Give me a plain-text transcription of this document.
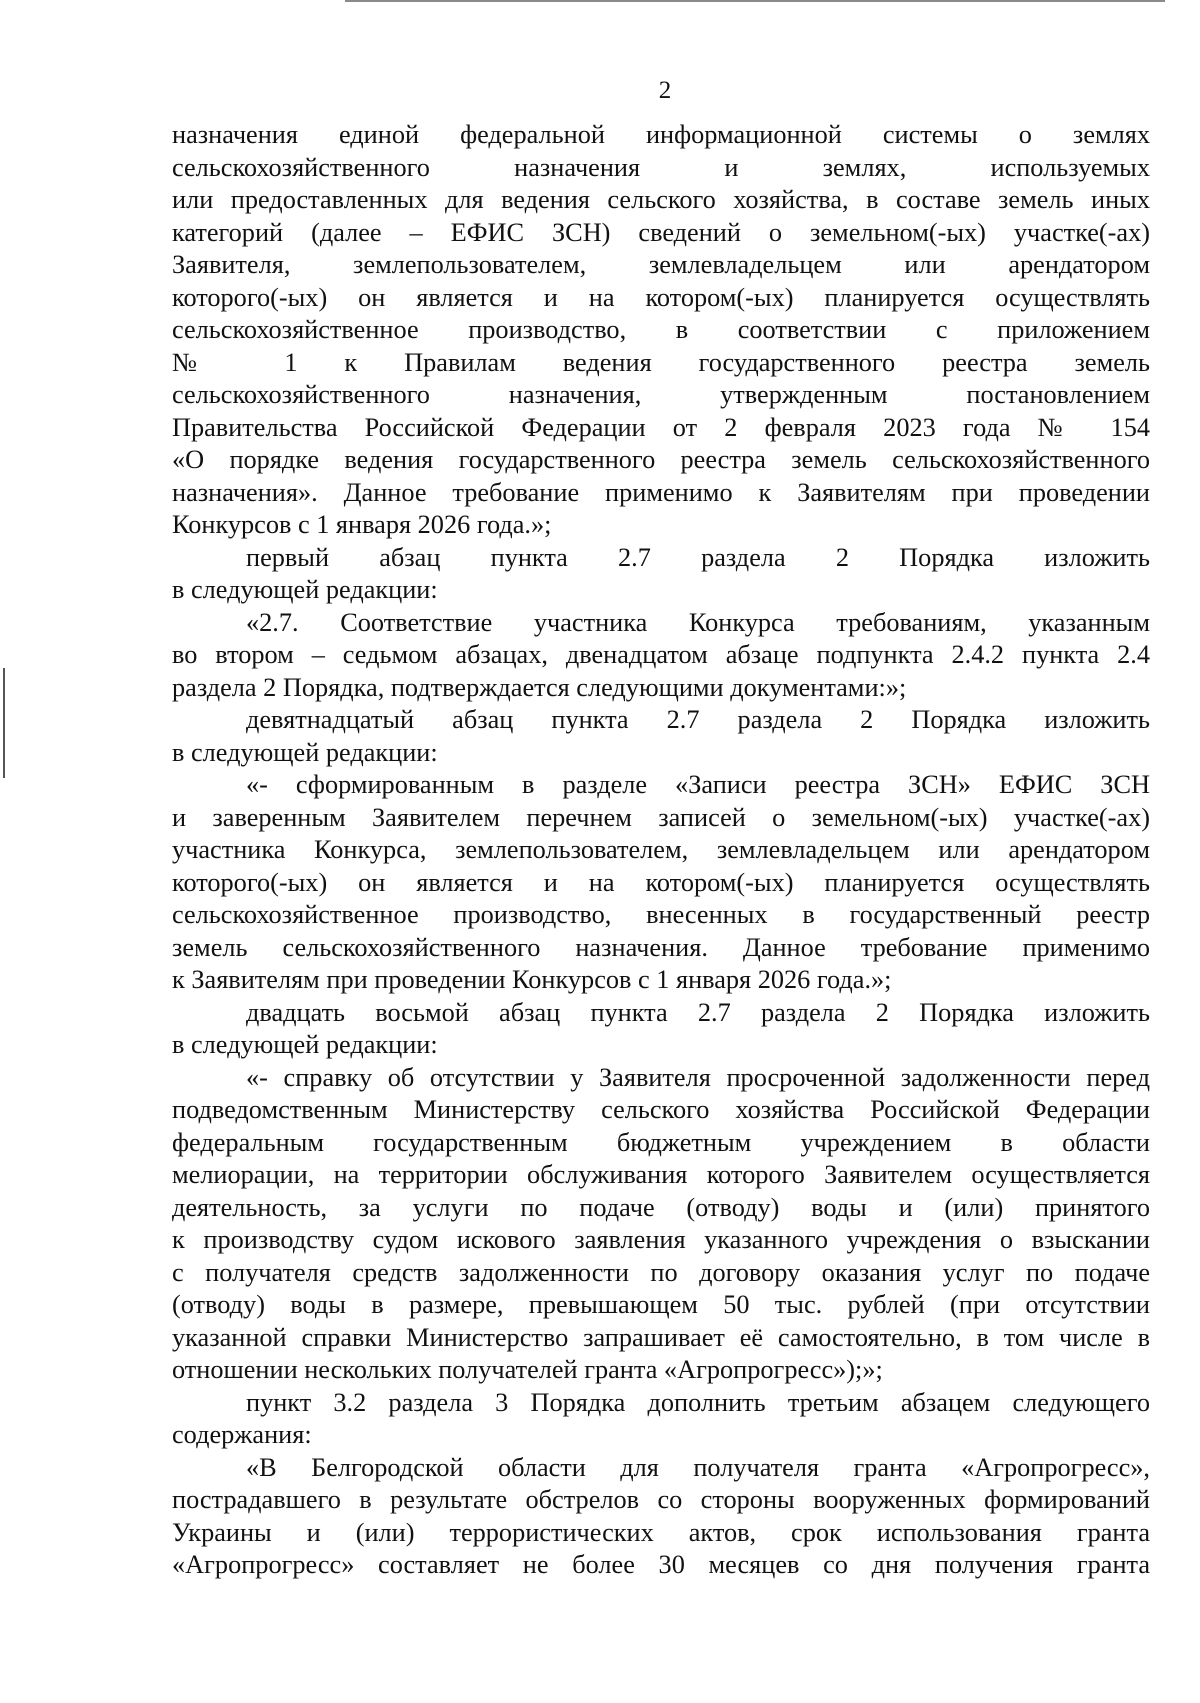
2
назначения единой федеральной информационной системы о землях
сельскохозяйственного назначения и землях, используемых
или предоставленных для ведения сельского хозяйства, в составе земель иных
категорий (далее – ЕФИС ЗСН) сведений о земельном(-ых) участке(-ах)
Заявителя, землепользователем, землевладельцем или арендатором
которого(-ых) он является и на котором(-ых) планируется осуществлять
сельскохозяйственное производство, в соответствии с приложением
№ 1 к Правилам ведения государственного реестра земель
сельскохозяйственного назначения, утвержденным постановлением
Правительства Российской Федерации от 2 февраля 2023 года № 154
«О порядке ведения государственного реестра земель сельскохозяйственного
назначения». Данное требование применимо к Заявителям при проведении
Конкурсов с 1 января 2026 года.»;
первый абзац пункта 2.7 раздела 2 Порядка изложить
в следующей редакции:
«2.7. Соответствие участника Конкурса требованиям, указанным
во втором – седьмом абзацах, двенадцатом абзаце подпункта 2.4.2 пункта 2.4
раздела 2 Порядка, подтверждается следующими документами:»;
девятнадцатый абзац пункта 2.7 раздела 2 Порядка изложить
в следующей редакции:
«- сформированным в разделе «Записи реестра ЗСН» ЕФИС ЗСН
и заверенным Заявителем перечнем записей о земельном(-ых) участке(-ах)
участника Конкурса, землепользователем, землевладельцем или арендатором
которого(-ых) он является и на котором(-ых) планируется осуществлять
сельскохозяйственное производство, внесенных в государственный реестр
земель сельскохозяйственного назначения. Данное требование применимо
к Заявителям при проведении Конкурсов с 1 января 2026 года.»;
двадцать восьмой абзац пункта 2.7 раздела 2 Порядка изложить
в следующей редакции:
«- справку об отсутствии у Заявителя просроченной задолженности перед
подведомственным Министерству сельского хозяйства Российской Федерации
федеральным государственным бюджетным учреждением в области
мелиорации, на территории обслуживания которого Заявителем осуществляется
деятельность, за услуги по подаче (отводу) воды и (или) принятого
к производству судом искового заявления указанного учреждения о взыскании
с получателя средств задолженности по договору оказания услуг по подаче
(отводу) воды в размере, превышающем 50 тыс. рублей (при отсутствии
указанной справки Министерство запрашивает её самостоятельно, в том числе в
отношении нескольких получателей гранта «Агропрогресс»);»;
пункт 3.2 раздела 3 Порядка дополнить третьим абзацем следующего
содержания:
«В Белгородской области для получателя гранта «Агропрогресс»,
пострадавшего в результате обстрелов со стороны вооруженных формирований
Украины и (или) террористических актов, срок использования гранта
«Агропрогресс» составляет не более 30 месяцев со дня получения гранта
